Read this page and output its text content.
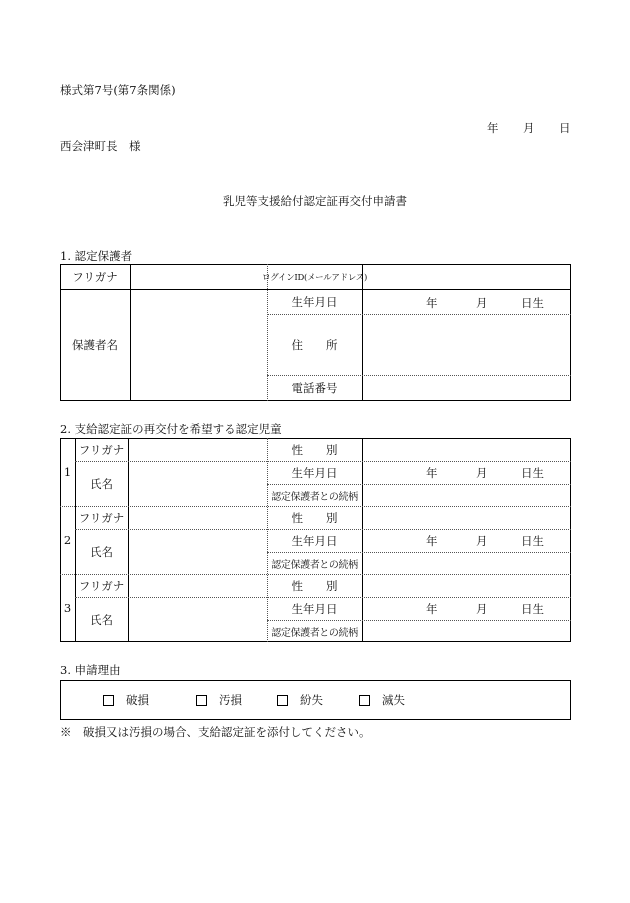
様式第7号(第7条関係)
年 月 日
西会津町長　様
乳児等支援給付認定証再交付申請書
1. 認定保護者
フリガナ	ログインID(メールアドレス)
保護者名
生年月日	年	月	日生
住　　所
電話番号
2. 支給認定証の再交付を希望する認定児童
1
フリガナ
氏名
性　　別
生年月日	年	月	日生
認定保護者との続柄
2
フリガナ
氏名
性　　別
生年月日	年	月	日生
認定保護者との続柄
3
フリガナ
氏名
性　　別
生年月日	年	月	日生
認定保護者との続柄
3. 申請理由
破損	汚損	紛失	滅失
※　破損又は汚損の場合、支給認定証を添付してください。
